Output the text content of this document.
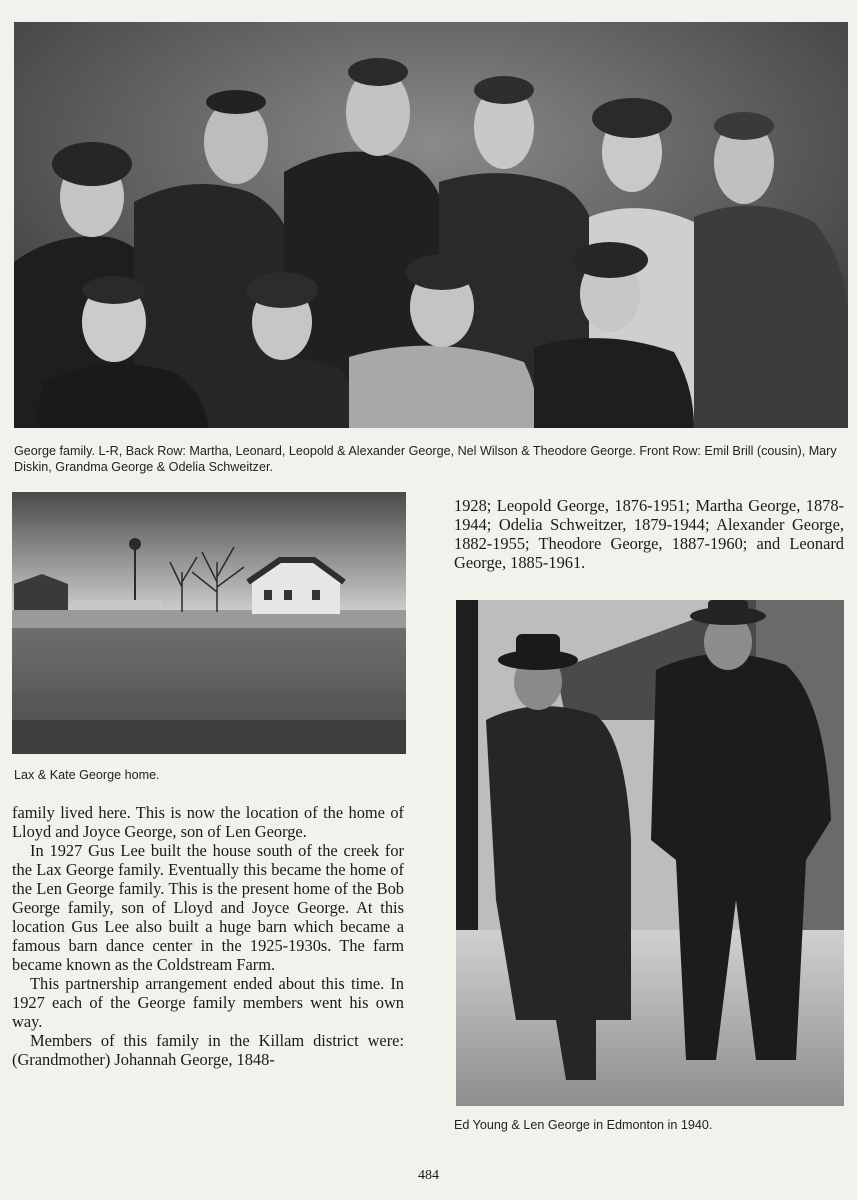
George family. L-R, Back Row: Martha, Leonard, Leopold & Alexander George, Nel Wilson & Theodore George. Front Row: Emil Brill (cousin), Mary Diskin, Grandma George & Odelia Schweitzer.
Lax & Kate George home.
Ed Young & Len George in Edmonton in 1940.

family lived here. This is now the location of the home of Lloyd and Joyce George, son of Len George.

In 1927 Gus Lee built the house south of the creek for the Lax George family. Eventually this became the home of the Len George family. This is the present home of the Bob George family, son of Lloyd and Joyce George. At this location Gus Lee also built a huge barn which became a famous barn dance center in the 1925-1930s. The farm became known as the Coldstream Farm.

This partnership arrangement ended about this time. In 1927 each of the George family members went his own way.

Members of this family in the Killam district were: (Grandmother) Johannah George, 1848-

1928; Leopold George, 1876-1951; Martha George, 1878-1944; Odelia Schweitzer, 1879-1944; Alexander George, 1882-1955; Theodore George, 1887-1960; and Leonard George, 1885-1961.

484
